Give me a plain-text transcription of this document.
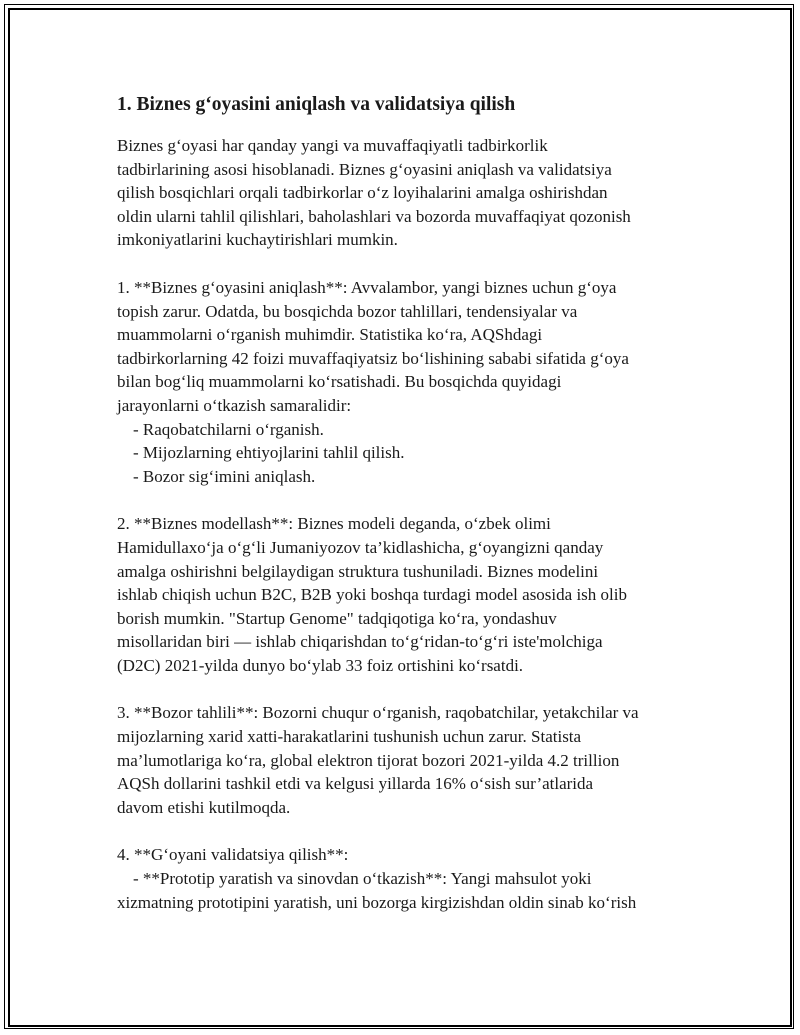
1. Biznes g‘oyasini aniqlash va validatsiya qilish
Biznes g‘oyasi har qanday yangi va muvaffaqiyatli tadbirkorlik
tadbirlarining asosi hisoblanadi. Biznes g‘oyasini aniqlash va validatsiya
qilish bosqichlari orqali tadbirkorlar o‘z loyihalarini amalga oshirishdan
oldin ularni tahlil qilishlari, baholashlari va bozorda muvaffaqiyat qozonish
imkoniyatlarini kuchaytirishlari mumkin.
1. **Biznes g‘oyasini aniqlash**: Avvalambor, yangi biznes uchun g‘oya
topish zarur. Odatda, bu bosqichda bozor tahlillari, tendensiyalar va
muammolarni o‘rganish muhimdir. Statistika ko‘ra, AQShdagi
tadbirkorlarning 42 foizi muvaffaqiyatsiz bo‘lishining sababi sifatida g‘oya
bilan bog‘liq muammolarni ko‘rsatishadi. Bu bosqichda quyidagi
jarayonlarni o‘tkazish samaralidir:
- Raqobatchilarni o‘rganish.
- Mijozlarning ehtiyojlarini tahlil qilish.
- Bozor sig‘imini aniqlash.
2. **Biznes modellash**: Biznes modeli deganda, o‘zbek olimi
Hamidullaxo‘ja o‘g‘li Jumaniyozov ta’kidlashicha, g‘oyangizni qanday
amalga oshirishni belgilaydigan struktura tushuniladi. Biznes modelini
ishlab chiqish uchun B2C, B2B yoki boshqa turdagi model asosida ish olib
borish mumkin. "Startup Genome" tadqiqotiga ko‘ra, yondashuv
misollaridan biri — ishlab chiqarishdan to‘g‘ridan-to‘g‘ri iste'molchiga
(D2C) 2021-yilda dunyo bo‘ylab 33 foiz ortishini ko‘rsatdi.
3. **Bozor tahlili**: Bozorni chuqur o‘rganish, raqobatchilar, yetakchilar va
mijozlarning xarid xatti-harakatlarini tushunish uchun zarur. Statista
ma’lumotlariga ko‘ra, global elektron tijorat bozori 2021-yilda 4.2 trillion
AQSh dollarini tashkil etdi va kelgusi yillarda 16% o‘sish sur’atlarida
davom etishi kutilmoqda.
4. **G‘oyani validatsiya qilish**:
- **Prototip yaratish va sinovdan o‘tkazish**: Yangi mahsulot yoki
xizmatning prototipini yaratish, uni bozorga kirgizishdan oldin sinab ko‘rish
